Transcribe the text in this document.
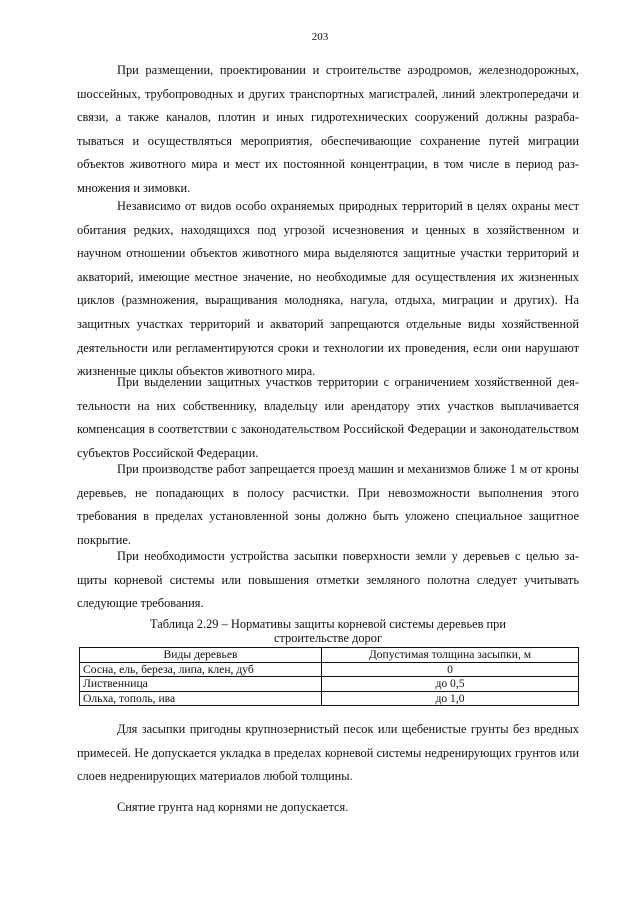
203

При размещении, проектировании и строительстве аэродромов, железнодорожных, шоссейных, трубопроводных и других транспортных магистралей, линий электропередачи и связи, а также каналов, плотин и иных гидротехнических сооружений должны разрабатываться и осуществляться мероприятия, обеспечивающие сохранение путей миграции объектов животного мира и мест их постоянной концентрации, в том числе в период размножения и зимовки.

Независимо от видов особо охраняемых природных территорий в целях охраны мест обитания редких, находящихся под угрозой исчезновения и ценных в хозяйственном и научном отношении объектов животного мира выделяются защитные участки территорий и акваторий, имеющие местное значение, но необходимые для осуществления их жизненных циклов (размножения, выращивания молодняка, нагула, отдыха, миграции и других). На защитных участках территорий и акваторий запрещаются отдельные виды хозяйственной деятельности или регламентируются сроки и технологии их проведения, если они нарушают жизненные циклы объектов животного мира.

При выделении защитных участков территории с ограничением хозяйственной деятельности на них собственнику, владельцу или арендатору этих участков выплачивается компенсация в соответствии с законодательством Российской Федерации и законодательством субъектов Российской Федерации.

При производстве работ запрещается проезд машин и механизмов ближе 1 м от кроны деревьев, не попадающих в полосу расчистки. При невозможности выполнения этого требования в пределах установленной зоны должно быть уложено специальное защитное покрытие.

При необходимости устройства засыпки поверхности земли у деревьев с целью защиты корневой системы или повышения отметки земляного полотна следует учитывать следующие требования.

Таблица 2.29 – Нормативы защиты корневой системы деревьев при
строительстве дорог
Виды деревьев	Допустимая толщина засыпки, м
Сосна, ель, береза, липа, клен, дуб	0
Лиственница	до 0,5
Ольха, тополь, ива	до 1,0

Для засыпки пригодны крупнозернистый песок или щебенистые грунты без вредных примесей. Не допускается укладка в пределах корневой системы недренирующих грунтов или слоев недренирующих материалов любой толщины.

Снятие грунта над корнями не допускается.
